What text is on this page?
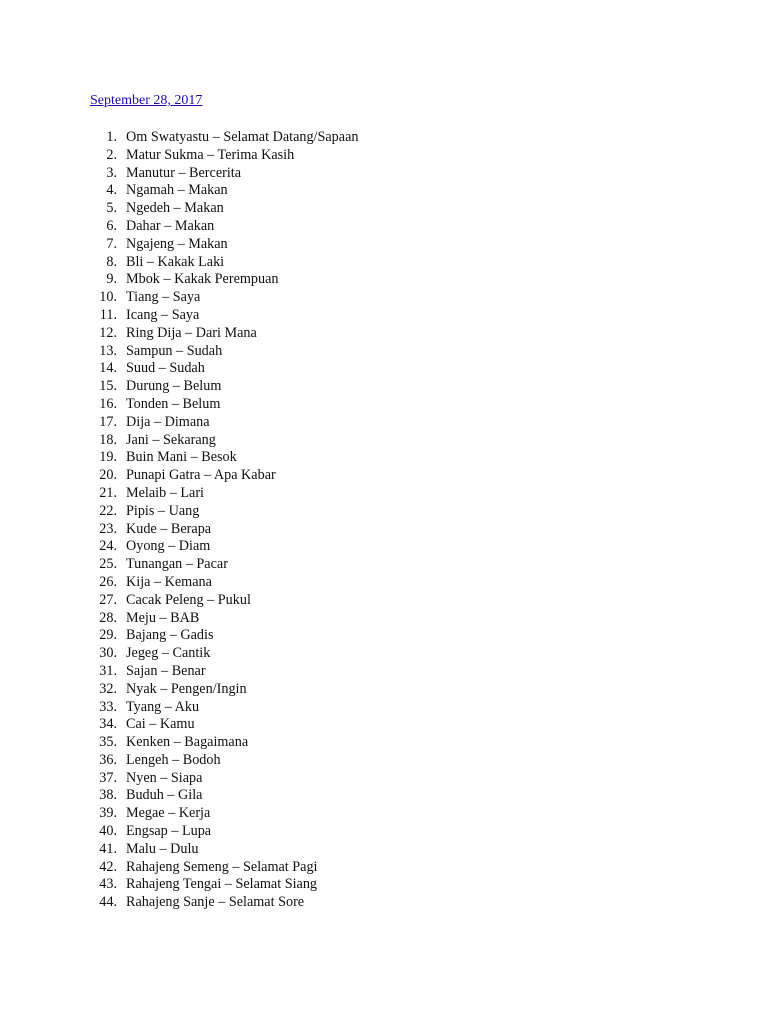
September 28, 2017
1. Om Swatyastu – Selamat Datang/Sapaan
2. Matur Sukma – Terima Kasih
3. Manutur – Bercerita
4. Ngamah – Makan
5. Ngedeh – Makan
6. Dahar – Makan
7. Ngajeng – Makan
8. Bli – Kakak Laki
9. Mbok – Kakak Perempuan
10. Tiang – Saya
11. Icang – Saya
12. Ring Dija – Dari Mana
13. Sampun – Sudah
14. Suud – Sudah
15. Durung – Belum
16. Tonden – Belum
17. Dija – Dimana
18. Jani – Sekarang
19. Buin Mani – Besok
20. Punapi Gatra – Apa Kabar
21. Melaib – Lari
22. Pipis – Uang
23. Kude – Berapa
24. Oyong – Diam
25. Tunangan – Pacar
26. Kija – Kemana
27. Cacak Peleng – Pukul
28. Meju – BAB
29. Bajang – Gadis
30. Jegeg – Cantik
31. Sajan – Benar
32. Nyak – Pengen/Ingin
33. Tyang – Aku
34. Cai – Kamu
35. Kenken – Bagaimana
36. Lengeh – Bodoh
37. Nyen – Siapa
38. Buduh – Gila
39. Megae – Kerja
40. Engsap – Lupa
41. Malu – Dulu
42. Rahajeng Semeng – Selamat Pagi
43. Rahajeng Tengai – Selamat Siang
44. Rahajeng Sanje – Selamat Sore
